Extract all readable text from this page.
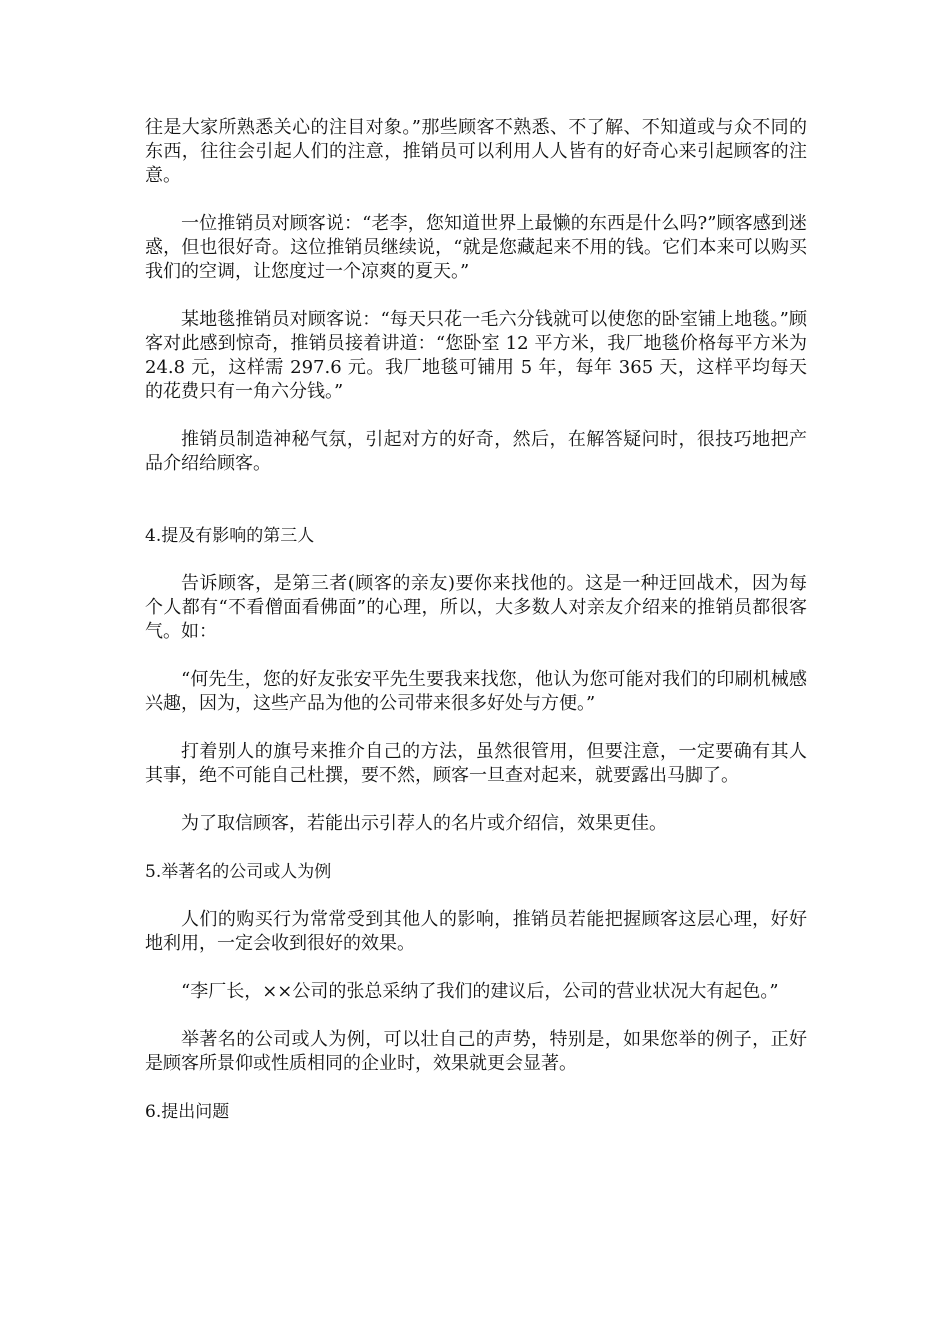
往是大家所熟悉关心的注目对象。”那些顾客不熟悉、不了解、不知道或与众不同的东西，往往会引起人们的注意，推销员可以利用人人皆有的好奇心来引起顾客的注意。

一位推销员对顾客说：“老李，您知道世界上最懒的东西是什么吗?”顾客感到迷惑，但也很好奇。这位推销员继续说，“就是您藏起来不用的钱。它们本来可以购买我们的空调，让您度过一个凉爽的夏天。”

某地毯推销员对顾客说：“每天只花一毛六分钱就可以使您的卧室铺上地毯。”顾客对此感到惊奇，推销员接着讲道：“您卧室 12 平方米，我厂地毯价格每平方米为 24.8 元，这样需 297.6 元。我厂地毯可铺用 5 年，每年 365 天，这样平均每天的花费只有一角六分钱。”

推销员制造神秘气氛，引起对方的好奇，然后，在解答疑问时，很技巧地把产品介绍给顾客。

4.提及有影响的第三人

告诉顾客，是第三者(顾客的亲友)要你来找他的。这是一种迂回战术，因为每个人都有“不看僧面看佛面”的心理，所以，大多数人对亲友介绍来的推销员都很客气。如：

“何先生，您的好友张安平先生要我来找您，他认为您可能对我们的印刷机械感兴趣，因为，这些产品为他的公司带来很多好处与方便。”

打着别人的旗号来推介自己的方法，虽然很管用，但要注意，一定要确有其人其事，绝不可能自己杜撰，要不然，顾客一旦查对起来，就要露出马脚了。

为了取信顾客，若能出示引荐人的名片或介绍信，效果更佳。

5.举著名的公司或人为例

人们的购买行为常常受到其他人的影响，推销员若能把握顾客这层心理，好好地利用，一定会收到很好的效果。

“李厂长，××公司的张总采纳了我们的建议后，公司的营业状况大有起色。”

举著名的公司或人为例，可以壮自己的声势，特别是，如果您举的例子，正好是顾客所景仰或性质相同的企业时，效果就更会显著。

6.提出问题
